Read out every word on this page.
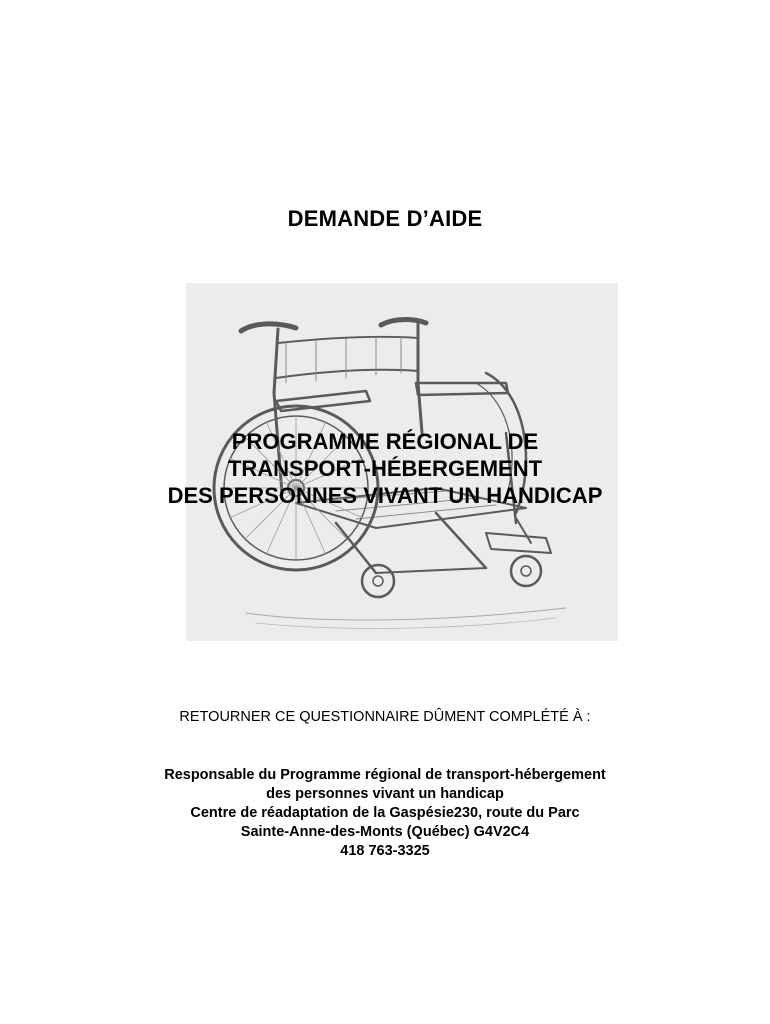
DEMANDE D’AIDE
PROGRAMME RÉGIONAL DE
TRANSPORT-HÉBERGEMENT
DES PERSONNES VIVANT UN HANDICAP
RETOURNER CE QUESTIONNAIRE DÛMENT COMPLÉTÉ À :
Responsable du Programme régional de transport-hébergement
des personnes vivant un handicap
Centre de réadaptation de la Gaspésie230, route du Parc
Sainte-Anne-des-Monts (Québec) G4V2C4
418 763-3325
